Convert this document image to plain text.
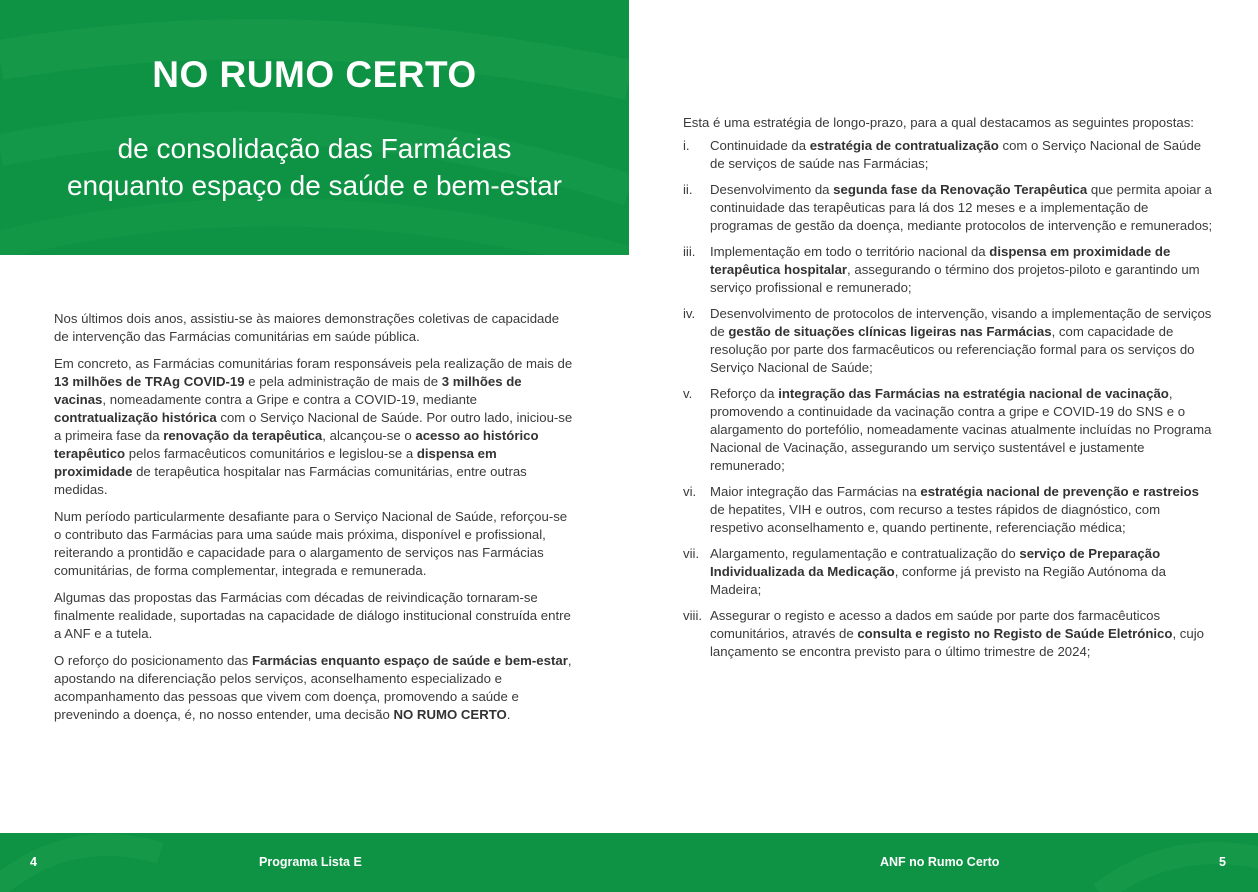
NO RUMO CERTO
de consolidação das Farmácias
enquanto espaço de saúde e bem-estar

Nos últimos dois anos, assistiu-se às maiores demonstrações coletivas de capacidade de intervenção das Farmácias comunitárias em saúde pública.

Em concreto, as Farmácias comunitárias foram responsáveis pela realização de mais de 13 milhões de TRAg COVID-19 e pela administração de mais de 3 milhões de vacinas, nomeadamente contra a Gripe e contra a COVID-19, mediante contratualização histórica com o Serviço Nacional de Saúde. Por outro lado, iniciou-se a primeira fase da renovação da terapêutica, alcançou-se o acesso ao histórico terapêutico pelos farmacêuticos comunitários e legislou-se a dispensa em proximidade de terapêutica hospitalar nas Farmácias comunitárias, entre outras medidas.

Num período particularmente desafiante para o Serviço Nacional de Saúde, reforçou-se o contributo das Farmácias para uma saúde mais próxima, disponível e profissional, reiterando a prontidão e capacidade para o alargamento de serviços nas Farmácias comunitárias, de forma complementar, integrada e remunerada.

Algumas das propostas das Farmácias com décadas de reivindicação tornaram-se finalmente realidade, suportadas na capacidade de diálogo institucional construída entre a ANF e a tutela.

O reforço do posicionamento das Farmácias enquanto espaço de saúde e bem-estar, apostando na diferenciação pelos serviços, aconselhamento especializado e acompanhamento das pessoas que vivem com doença, promovendo a saúde e prevenindo a doença, é, no nosso entender, uma decisão NO RUMO CERTO.

Esta é uma estratégia de longo-prazo, para a qual destacamos as seguintes propostas:

i. Continuidade da estratégia de contratualização com o Serviço Nacional de Saúde de serviços de saúde nas Farmácias;
ii. Desenvolvimento da segunda fase da Renovação Terapêutica que permita apoiar a continuidade das terapêuticas para lá dos 12 meses e a implementação de programas de gestão da doença, mediante protocolos de intervenção e remunerados;
iii. Implementação em todo o território nacional da dispensa em proximidade de terapêutica hospitalar, assegurando o término dos projetos-piloto e garantindo um serviço profissional e remunerado;
iv. Desenvolvimento de protocolos de intervenção, visando a implementação de serviços de gestão de situações clínicas ligeiras nas Farmácias, com capacidade de resolução por parte dos farmacêuticos ou referenciação formal para os serviços do Serviço Nacional de Saúde;
v. Reforço da integração das Farmácias na estratégia nacional de vacinação, promovendo a continuidade da vacinação contra a gripe e COVID-19 do SNS e o alargamento do portefólio, nomeadamente vacinas atualmente incluídas no Programa Nacional de Vacinação, assegurando um serviço sustentável e justamente remunerado;
vi. Maior integração das Farmácias na estratégia nacional de prevenção e rastreios de hepatites, VIH e outros, com recurso a testes rápidos de diagnóstico, com respetivo aconselhamento e, quando pertinente, referenciação médica;
vii. Alargamento, regulamentação e contratualização do serviço de Preparação Individualizada da Medicação, conforme já previsto na Região Autónoma da Madeira;
viii. Assegurar o registo e acesso a dados em saúde por parte dos farmacêuticos comunitários, através de consulta e registo no Registo de Saúde Eletrónico, cujo lançamento se encontra previsto para o último trimestre de 2024;
4	Programa Lista E	ANF no Rumo Certo	5
